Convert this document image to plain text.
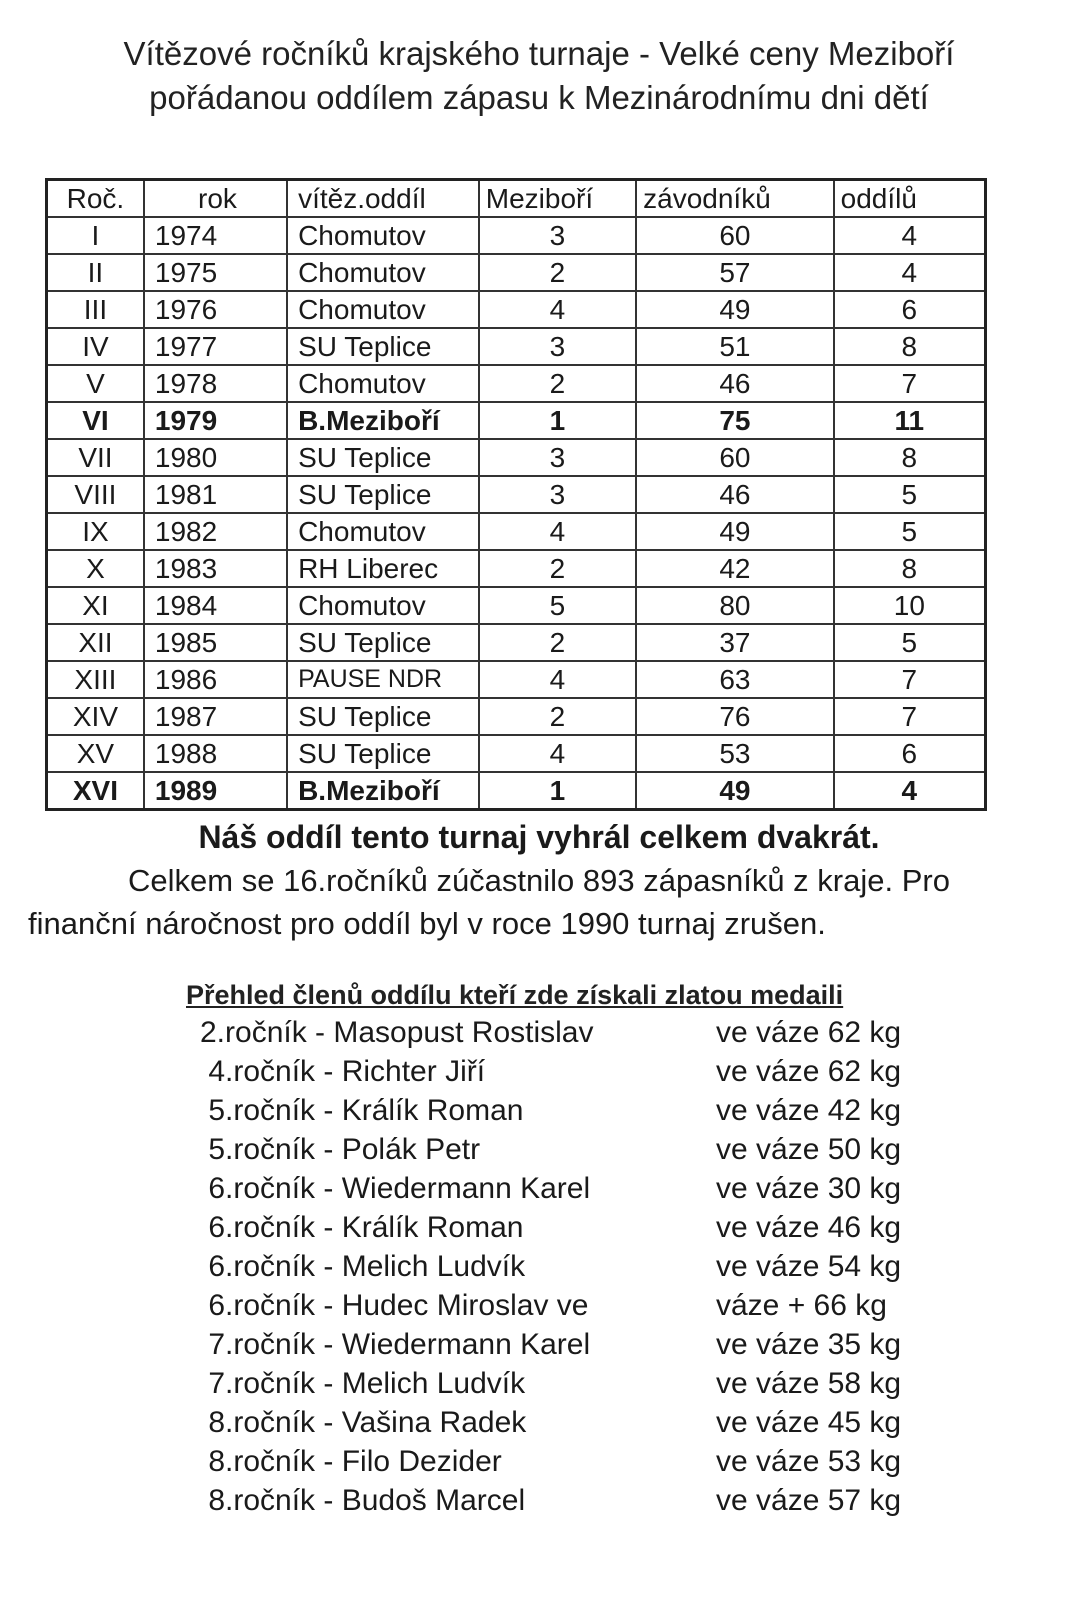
Vítězové ročníků krajského turnaje - Velké ceny Meziboří
pořádanou oddílem zápasu k Mezinárodnímu dni dětí
Roč.	rok	vítěz.oddíl	Meziboří	závodníků	oddílů
I	1974	Chomutov	3	60	4
II	1975	Chomutov	2	57	4
III	1976	Chomutov	4	49	6
IV	1977	SU Teplice	3	51	8
V	1978	Chomutov	2	46	7
VI	1979	B.Meziboří	1	75	11
VII	1980	SU Teplice	3	60	8
VIII	1981	SU Teplice	3	46	5
IX	1982	Chomutov	4	49	5
X	1983	RH Liberec	2	42	8
XI	1984	Chomutov	5	80	10
XII	1985	SU Teplice	2	37	5
XIII	1986	PAUSE NDR	4	63	7
XIV	1987	SU Teplice	2	76	7
XV	1988	SU Teplice	4	53	6
XVI	1989	B.Meziboří	1	49	4
Náš oddíl tento turnaj vyhrál celkem dvakrát.
Celkem se 16.ročníků zúčastnilo 893 zápasníků z kraje. Pro
finanční náročnost pro oddíl byl v roce 1990 turnaj zrušen.
Přehled členů oddílu kteří zde získali zlatou medaili
2.ročník - Masopust Rostislav	ve váze 62 kg
4.ročník - Richter Jiří	ve váze 62 kg
5.ročník - Králík Roman	ve váze 42 kg
5.ročník - Polák Petr	ve váze 50 kg
6.ročník - Wiedermann Karel	ve váze 30 kg
6.ročník - Králík Roman	ve váze 46 kg
6.ročník - Melich Ludvík	ve váze 54 kg
6.ročník - Hudec Miroslav ve	váze + 66 kg
7.ročník - Wiedermann Karel	ve váze 35 kg
7.ročník - Melich Ludvík	ve váze 58 kg
8.ročník - Vašina Radek	ve váze 45 kg
8.ročník - Filo Dezider	ve váze 53 kg
8.ročník - Budoš Marcel	ve váze 57 kg
